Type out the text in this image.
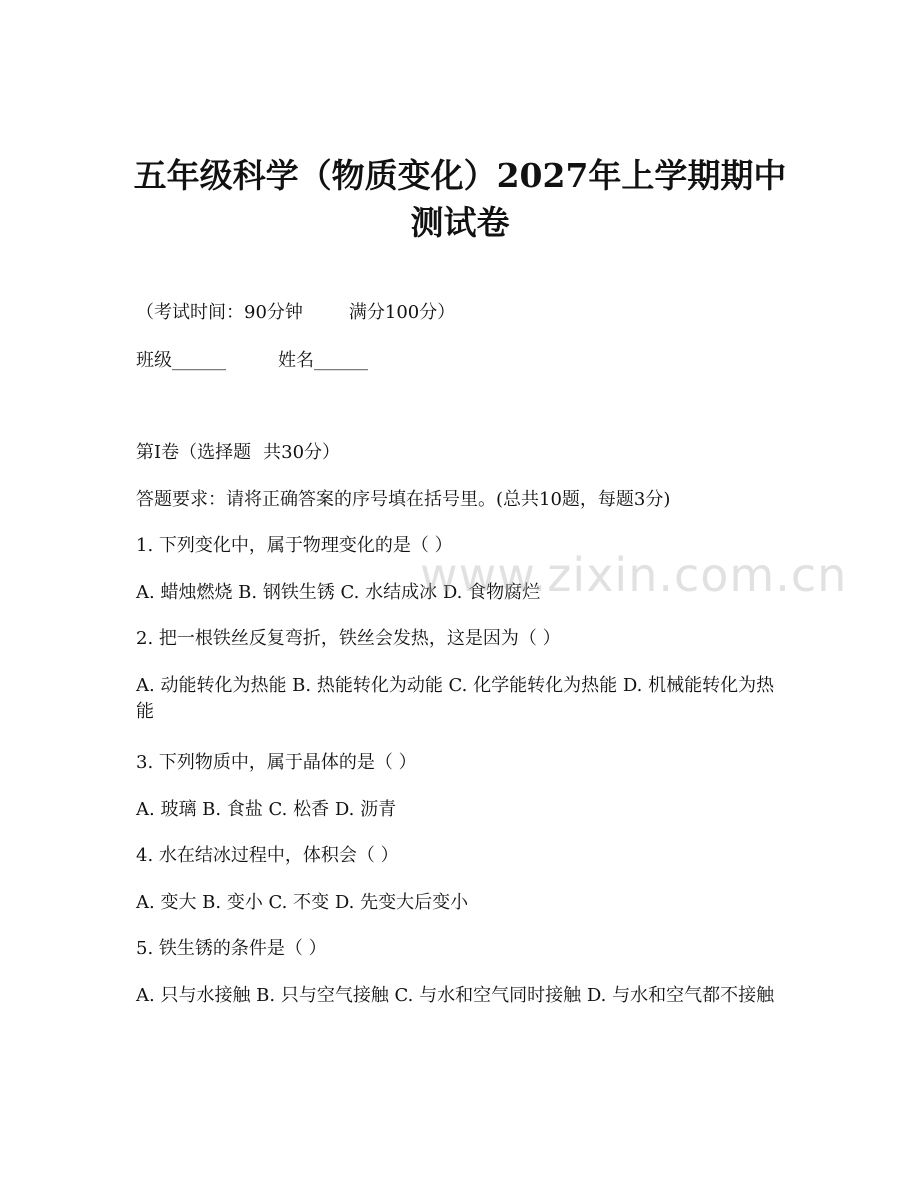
五年级科学（物质变化）2027年上学期期中
测试卷

（考试时间：90分钟	满分100分）

班级______	姓名______

第I卷（选择题 共30分）

答题要求：请将正确答案的序号填在括号里。(总共10题，每题3分)

1. 下列变化中，属于物理变化的是（ ）

A. 蜡烛燃烧 B. 钢铁生锈 C. 水结成冰 D. 食物腐烂

2. 把一根铁丝反复弯折，铁丝会发热，这是因为（ ）

A. 动能转化为热能 B. 热能转化为动能 C. 化学能转化为热能 D. 机械能转化为热能

3. 下列物质中，属于晶体的是（ ）

A. 玻璃 B. 食盐 C. 松香 D. 沥青

4. 水在结冰过程中，体积会（ ）

A. 变大 B. 变小 C. 不变 D. 先变大后变小

5. 铁生锈的条件是（ ）

A. 只与水接触 B. 只与空气接触 C. 与水和空气同时接触 D. 与水和空气都不接触

www.zixin.com.cn
